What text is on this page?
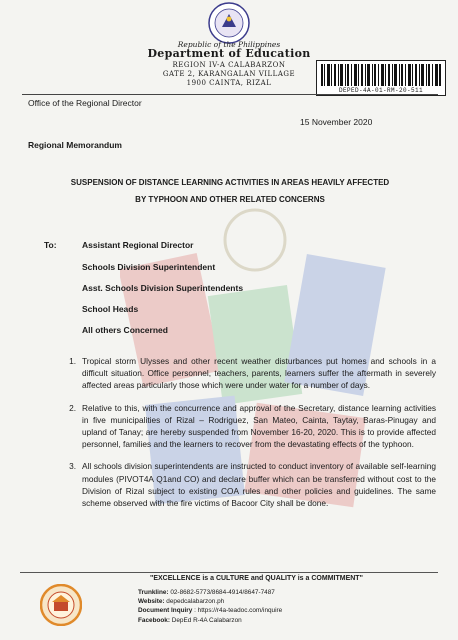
Republic of the Philippines
Department of Education
REGION IV-A CALABARZON
GATE 2, KARANGALAN VILLAGE
1900 CAINTA, RIZAL
DEPED-4A-01-RM-20-511
Office of the Regional Director
15 November 2020
Regional Memorandum
SUSPENSION OF DISTANCE LEARNING ACTIVITIES IN AREAS HEAVILY AFFECTED
BY TYPHOON AND OTHER RELATED CONCERNS
To:	Assistant Regional Director
Schools Division Superintendent
Asst. Schools Division Superintendents
School Heads
All others Concerned
1. Tropical storm Ulysses and other recent weather disturbances put homes and schools in a difficult situation. Office personnel, teachers, parents, learners suffer the aftermath in severely affected areas particularly those which were under water for a number of days.
2. Relative to this, with the concurrence and approval of the Secretary, distance learning activities in five municipalities of Rizal – Rodriguez, San Mateo, Cainta, Taytay, Baras-Pinugay and upland of Tanay; are hereby suspended from November 16-20, 2020. This is to provide affected personnel, families and the learners to recover from the devastating effects of the typhoon.
3. All schools division superintendents are instructed to conduct inventory of available self-learning modules (PIVOT4A Q1and CO) and declare buffer which can be transferred without cost to the Division of Rizal subject to existing COA rules and other policies and guidelines. The same scheme observed with the fire victims of Bacoor City shall be done.
"EXCELLENCE is a CULTURE and QUALITY is a COMMITMENT"
Trunkline: 02-8682-5773/8684-4914/8647-7487
Website: depedcalabarzon.ph
Document Inquiry : https://r4a-teadoc.com/inquire
Facebook: DepEd R-4A Calabarzon
